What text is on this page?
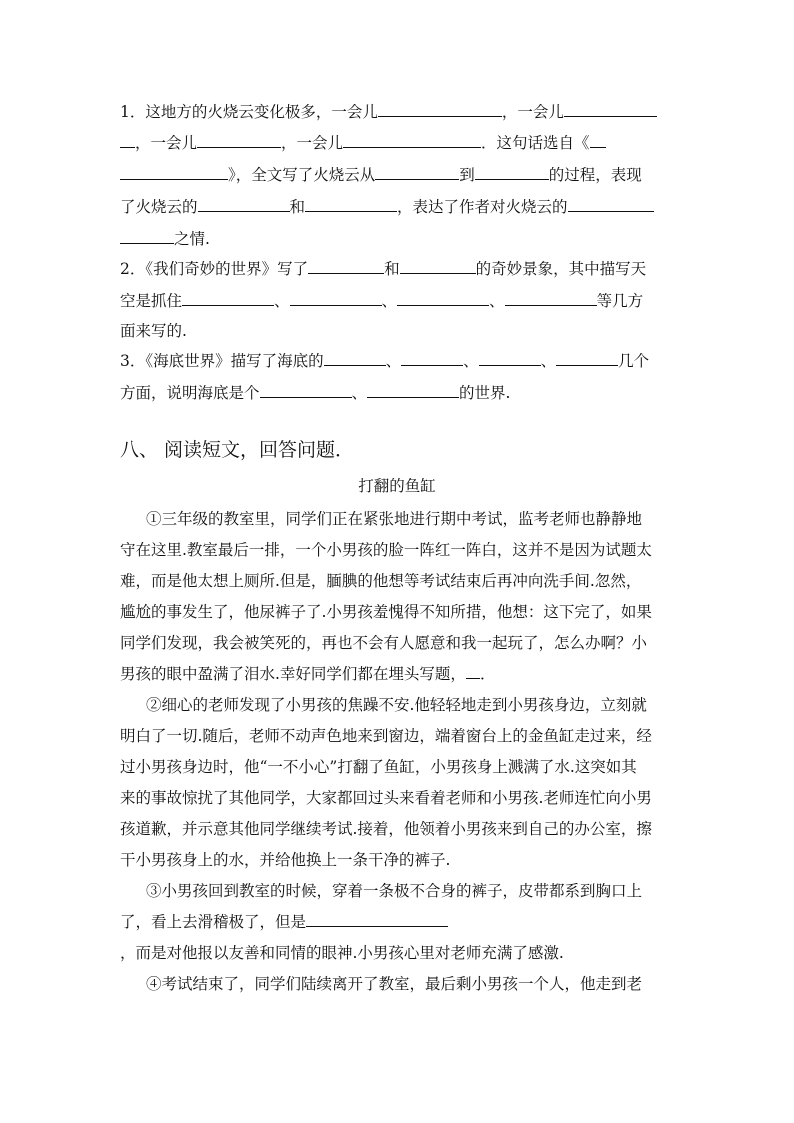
1．这地方的火烧云变化极多，一会儿	，一会儿
，一会儿	，一会儿	．这句话选自《
》，全文写了火烧云从	到	的过程，表现
了火烧云的	和	，表达了作者对火烧云的
之情.
2．《我们奇妙的世界》写了	和	的奇妙景象，其中描写天
空是抓住	、	、	、	等几方
面来写的.
3．《海底世界》描写了海底的	、	、	、	几个
方面，说明海底是个	、	的世界.
八、 阅读短文，回答问题．
打翻的鱼缸
①三年级的教室里，同学们正在紧张地进行期中考试，监考老师也静静地
守在这里.教室最后一排，一个小男孩的脸一阵红一阵白，这并不是因为试题太
难，而是他太想上厕所.但是，腼腆的他想等考试结束后再冲向洗手间.忽然，
尴尬的事发生了，他尿裤子了.小男孩羞愧得不知所措，他想：这下完了，如果
同学们发现，我会被笑死的，再也不会有人愿意和我一起玩了，怎么办啊？小
男孩的眼中盈满了泪水.幸好同学们都在埋头写题， ．
②细心的老师发现了小男孩的焦躁不安.他轻轻地走到小男孩身边，立刻就
明白了一切.随后，老师不动声色地来到窗边，端着窗台上的金鱼缸走过来，经
过小男孩身边时，他“一不小心”打翻了鱼缸，小男孩身上溅满了水.这突如其
来的事故惊扰了其他同学，大家都回过头来看着老师和小男孩.老师连忙向小男
孩道歉，并示意其他同学继续考试.接着，他领着小男孩来到自己的办公室，擦
干小男孩身上的水，并给他换上一条干净的裤子.
③小男孩回到教室的时候，穿着一条极不合身的裤子，皮带都系到胸口上
了，看上去滑稽极了，但是
，而是对他报以友善和同情的眼神.小男孩心里对老师充满了感激.
④考试结束了，同学们陆续离开了教室，最后剩小男孩一个人，他走到老
